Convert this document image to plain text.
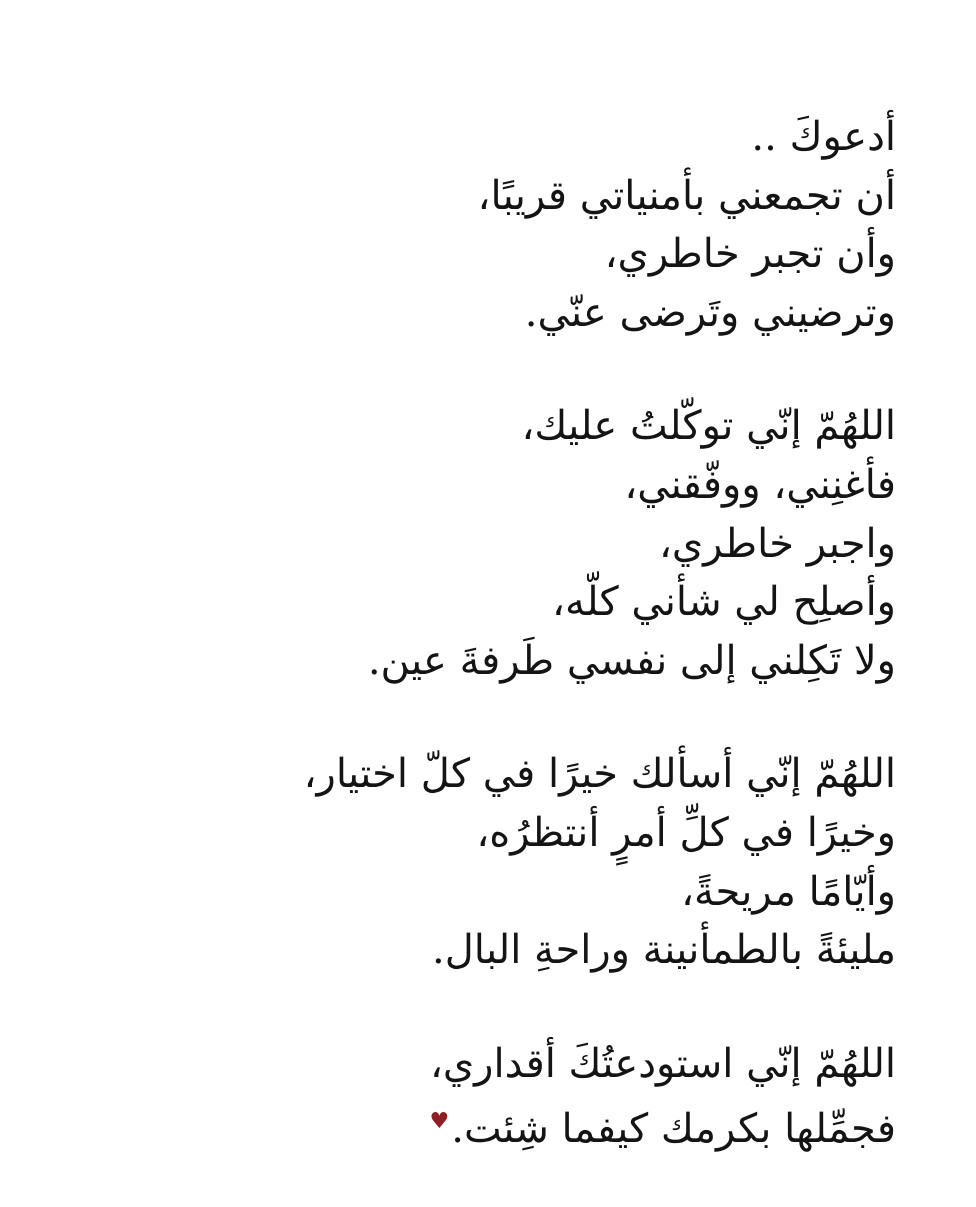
أدعوكَ ..
أن تجمعني بأمنياتي قريبًا،
وأن تجبر خاطري،
وترضيني وتَرضى عنّي.
اللهُمّ إنّي توكّلتُ عليك،
فأغنِني، ووفّقني،
واجبر خاطري،
وأصلِح لي شأني كلّه،
ولا تَكِلني إلى نفسي طَرفةَ عين.
اللهُمّ إنّي أسألك خيرًا في كلّ اختيار،
وخيرًا في كلِّ أمرٍ أنتظرُه،
وأيّامًا مريحةً،
مليئةً بالطمأنينة وراحةِ البال.
اللهُمّ إنّي استودعتُكَ أقداري،
فجمِّلها بكرمك كيفما شِئت.♥
